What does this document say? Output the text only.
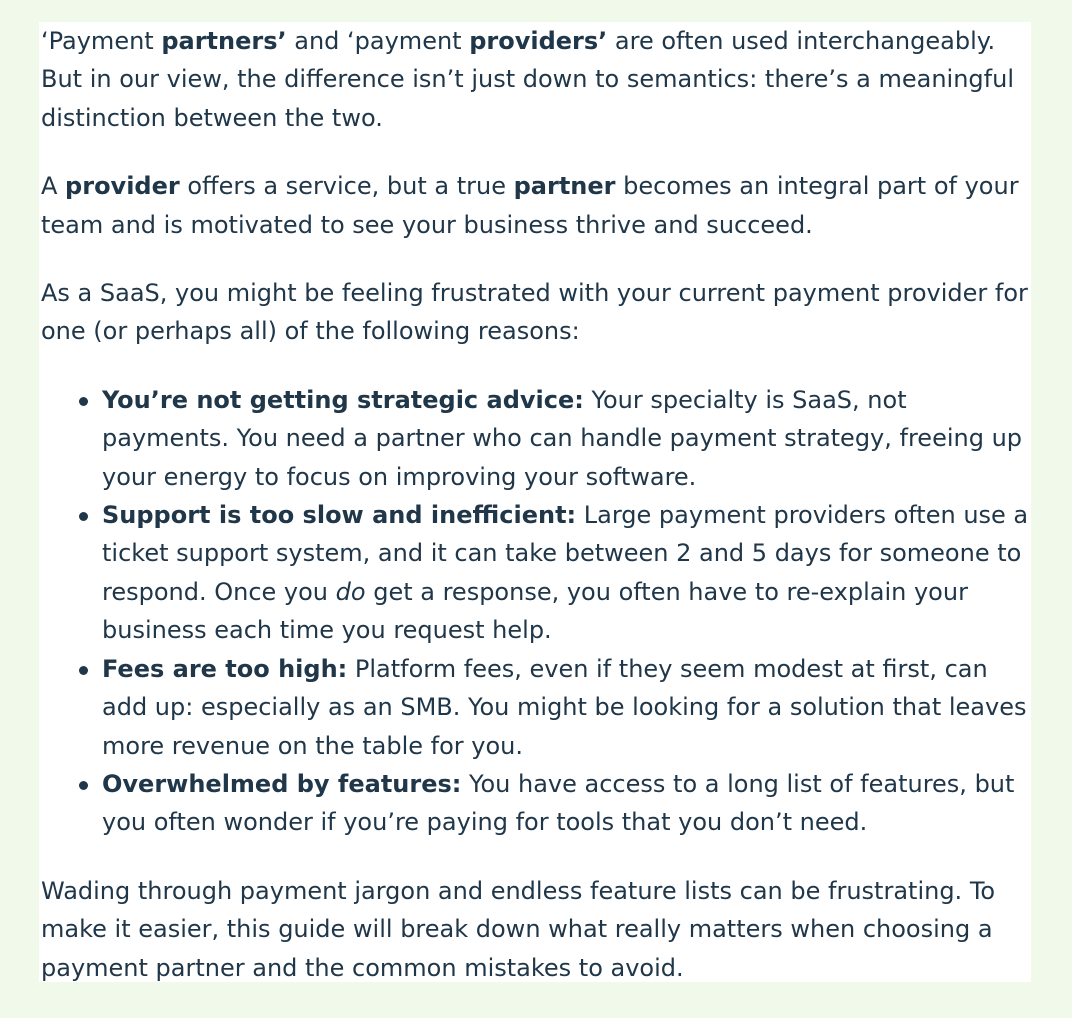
‘Payment partners’ and ‘payment providers’ are often used interchangeably. But in our view, the difference isn’t just down to semantics: there’s a meaningful distinction between the two.

A provider offers a service, but a true partner becomes an integral part of your team and is motivated to see your business thrive and succeed.

As a SaaS, you might be feeling frustrated with your current payment provider for one (or perhaps all) of the following reasons:

You’re not getting strategic advice: Your specialty is SaaS, not payments. You need a partner who can handle payment strategy, freeing up your energy to focus on improving your software.
Support is too slow and inefficient: Large payment providers often use a ticket support system, and it can take between 2 and 5 days for someone to respond. Once you do get a response, you often have to re-explain your business each time you request help.
Fees are too high: Platform fees, even if they seem modest at first, can add up: especially as an SMB. You might be looking for a solution that leaves more revenue on the table for you.
Overwhelmed by features: You have access to a long list of features, but you often wonder if you’re paying for tools that you don’t need.

Wading through payment jargon and endless feature lists can be frustrating. To make it easier, this guide will break down what really matters when choosing a payment partner and the common mistakes to avoid.
